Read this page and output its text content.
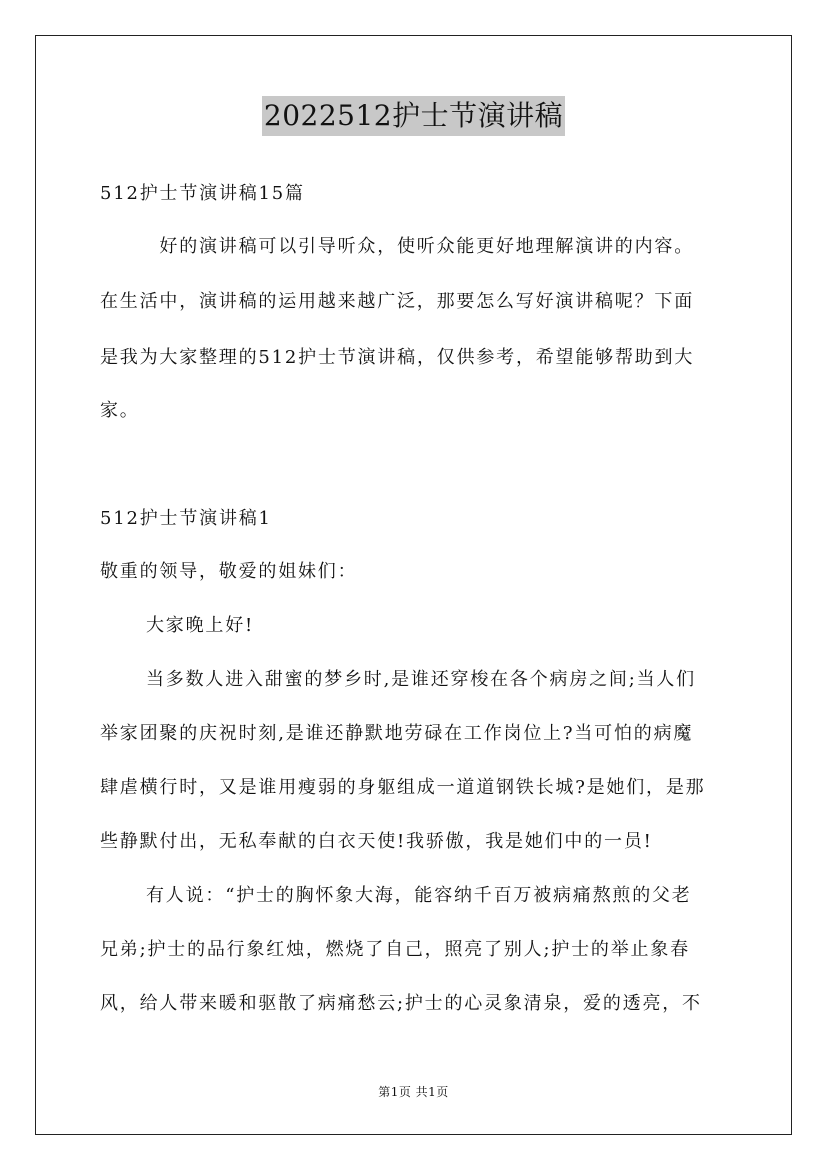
2022512护士节演讲稿
512护士节演讲稿15篇
　　　好的演讲稿可以引导听众，使听众能更好地理解演讲的内容。
在生活中，演讲稿的运用越来越广泛，那要怎么写好演讲稿呢？下面
是我为大家整理的512护士节演讲稿，仅供参考，希望能够帮助到大
家。
512护士节演讲稿1
敬重的领导，敬爱的姐妹们：
大家晚上好!
当多数人进入甜蜜的梦乡时,是谁还穿梭在各个病房之间;当人们
举家团聚的庆祝时刻,是谁还静默地劳碌在工作岗位上?当可怕的病魔
肆虐横行时，又是谁用瘦弱的身躯组成一道道钢铁长城?是她们，是那
些静默付出，无私奉献的白衣天使!我骄傲，我是她们中的一员!
有人说：“护士的胸怀象大海，能容纳千百万被病痛熬煎的父老
兄弟;护士的品行象红烛，燃烧了自己，照亮了别人;护士的举止象春
风，给人带来暖和驱散了病痛愁云;护士的心灵象清泉，爱的透亮，不
第1页 共1页
